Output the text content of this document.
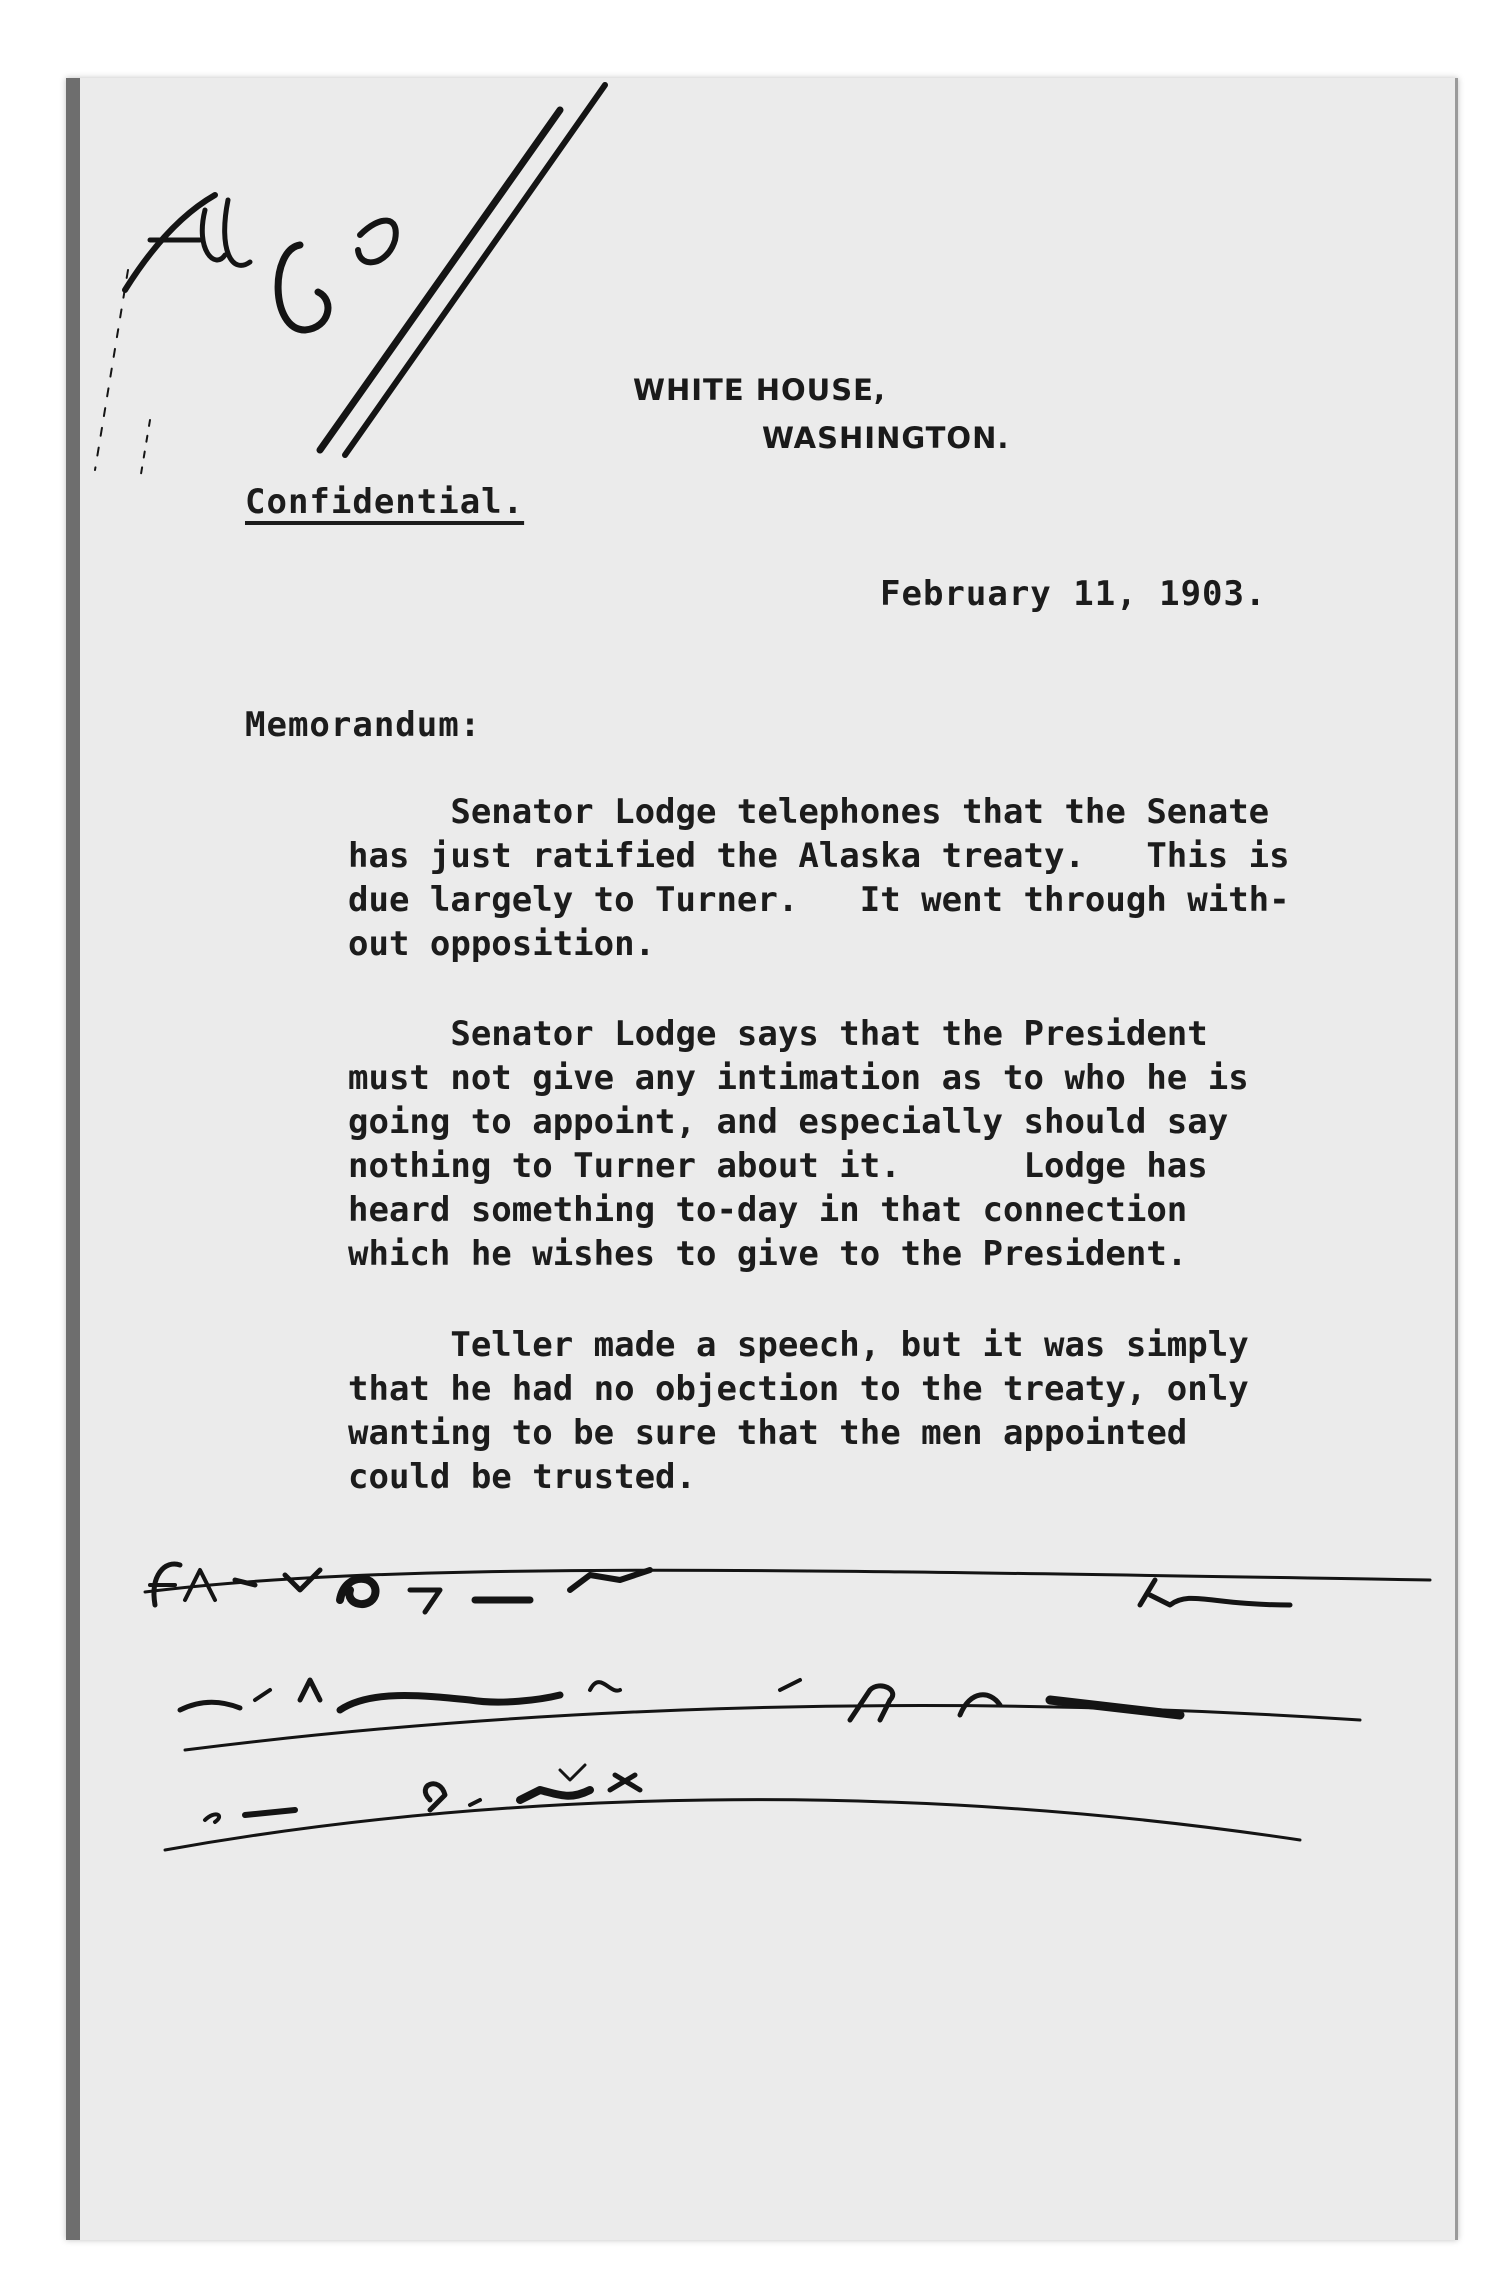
WHITE HOUSE,
WASHINGTON.
Confidential.
February 11, 1903.
Memorandum:
Senator Lodge telephones that the Senate
has just ratified the Alaska treaty.   This is
due largely to Turner.   It went through with-
out opposition.
Senator Lodge says that the President
must not give any intimation as to who he is
going to appoint, and especially should say
nothing to Turner about it.      Lodge has
heard something to-day in that connection
which he wishes to give to the President.
Teller made a speech, but it was simply
that he had no objection to the treaty, only
wanting to be sure that the men appointed
could be trusted.
